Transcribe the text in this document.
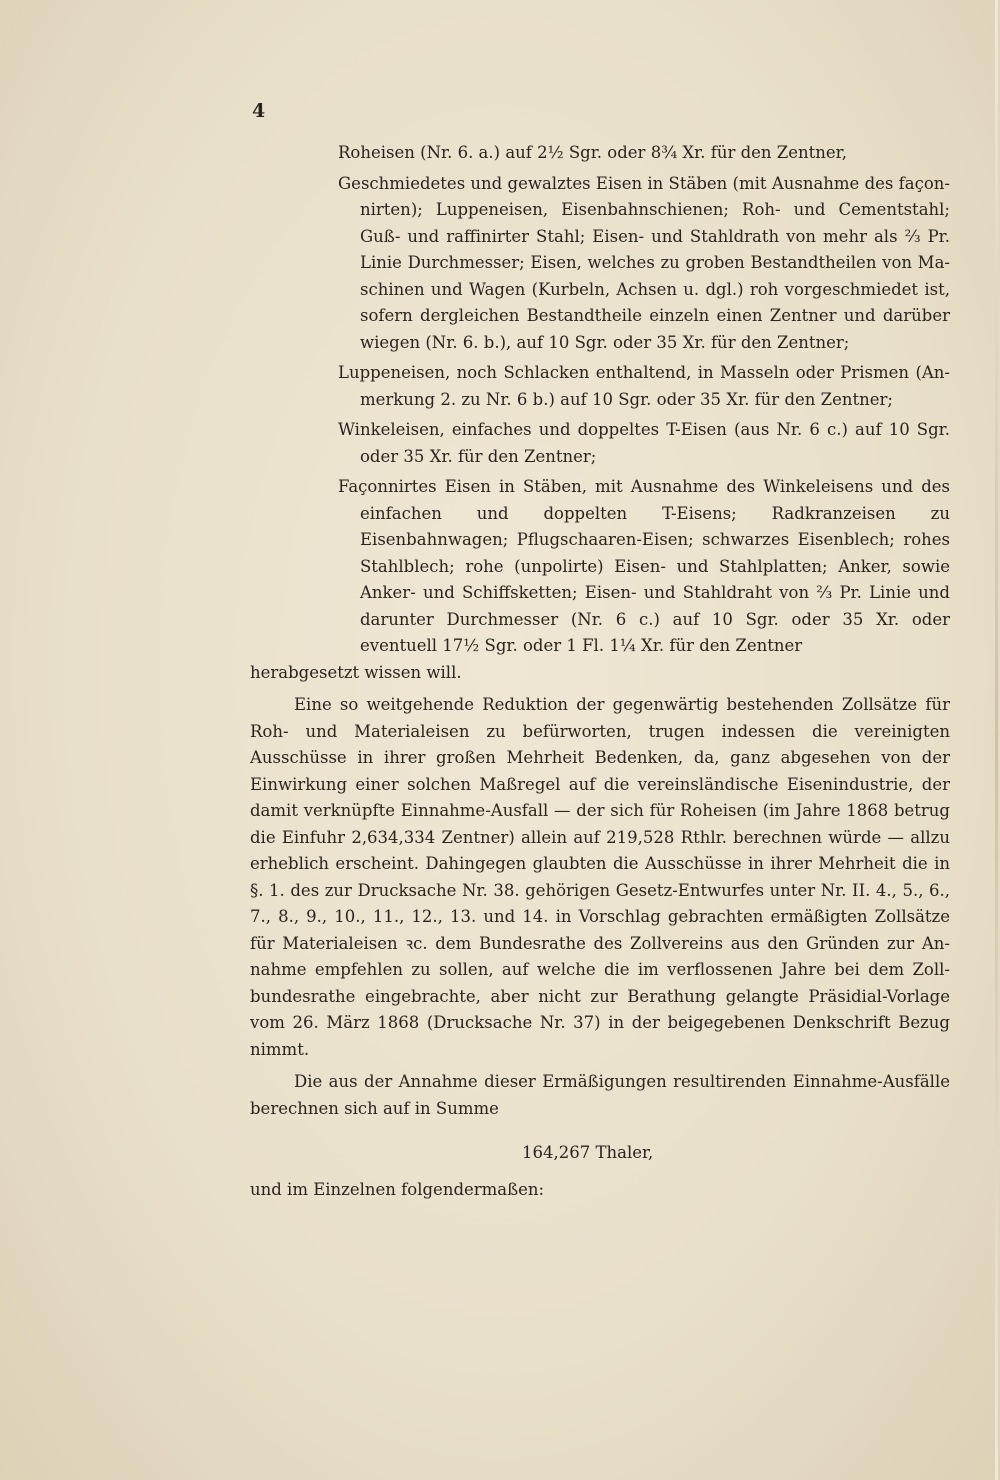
4

Roheisen (Nr. 6. a.) auf 2½ Sgr. oder 8¾ Xr. für den Zentner,

Geschmiedetes und gewalztes Eisen in Stäben (mit Ausnahme des façonnirten); Luppeneisen, Eisenbahnschienen; Roh- und Cementstahl; Guß- und raffinirter Stahl; Eisen- und Stahldrath von mehr als ⅔ Pr. Linie Durchmesser; Eisen, welches zu groben Bestandtheilen von Maschinen und Wagen (Kurbeln, Achsen u. dgl.) roh vorgeschmiedet ist, sofern dergleichen Bestandtheile einzeln einen Zentner und darüber wiegen (Nr. 6. b.), auf 10 Sgr. oder 35 Xr. für den Zentner;

Luppeneisen, noch Schlacken enthaltend, in Masseln oder Prismen (Anmerkung 2. zu Nr. 6 b.) auf 10 Sgr. oder 35 Xr. für den Zentner;

Winkeleisen, einfaches und doppeltes T-Eisen (aus Nr. 6 c.) auf 10 Sgr. oder 35 Xr. für den Zentner;

Façonnirtes Eisen in Stäben, mit Ausnahme des Winkeleisens und des einfachen und doppelten T-Eisens; Radkranzeisen zu Eisenbahnwagen; Pflugschaaren-Eisen; schwarzes Eisenblech; rohes Stahlblech; rohe (unpolirte) Eisen- und Stahlplatten; Anker, sowie Anker- und Schiffsketten; Eisen- und Stahldraht von ⅔ Pr. Linie und darunter Durchmesser (Nr. 6 c.) auf 10 Sgr. oder 35 Xr. oder eventuell 17½ Sgr. oder 1 Fl. 1¼ Xr. für den Zentner

herabgesetzt wissen will.

Eine so weitgehende Reduktion der gegenwärtig bestehenden Zollsätze für Roh- und Materialeisen zu befürworten, trugen indessen die vereinigten Ausschüsse in ihrer großen Mehrheit Bedenken, da, ganz abgesehen von der Einwirkung einer solchen Maßregel auf die vereinsländische Eisenindustrie, der damit verknüpfte Einnahme-Ausfall — der sich für Roheisen (im Jahre 1868 betrug die Einfuhr 2,634,334 Zentner) allein auf 219,528 Rthlr. berechnen würde — allzu erheblich erscheint. Dahingegen glaubten die Ausschüsse in ihrer Mehrheit die in §. 1. des zur Drucksache Nr. 38. gehörigen Gesetz-Entwurfes unter Nr. II. 4., 5., 6., 7., 8., 9., 10., 11., 12., 13. und 14. in Vorschlag gebrachten ermäßigten Zollsätze für Materialeisen ꝛc. dem Bundesrathe des Zollvereins aus den Gründen zur Annahme empfehlen zu sollen, auf welche die im verflossenen Jahre bei dem Zollbundesrathe eingebrachte, aber nicht zur Berathung gelangte Präsidial-Vorlage vom 26. März 1868 (Drucksache Nr. 37) in der beigegebenen Denkschrift Bezug nimmt.

Die aus der Annahme dieser Ermäßigungen resultirenden Einnahme-Ausfälle berechnen sich auf in Summe

164,267 Thaler,

und im Einzelnen folgendermaßen:
